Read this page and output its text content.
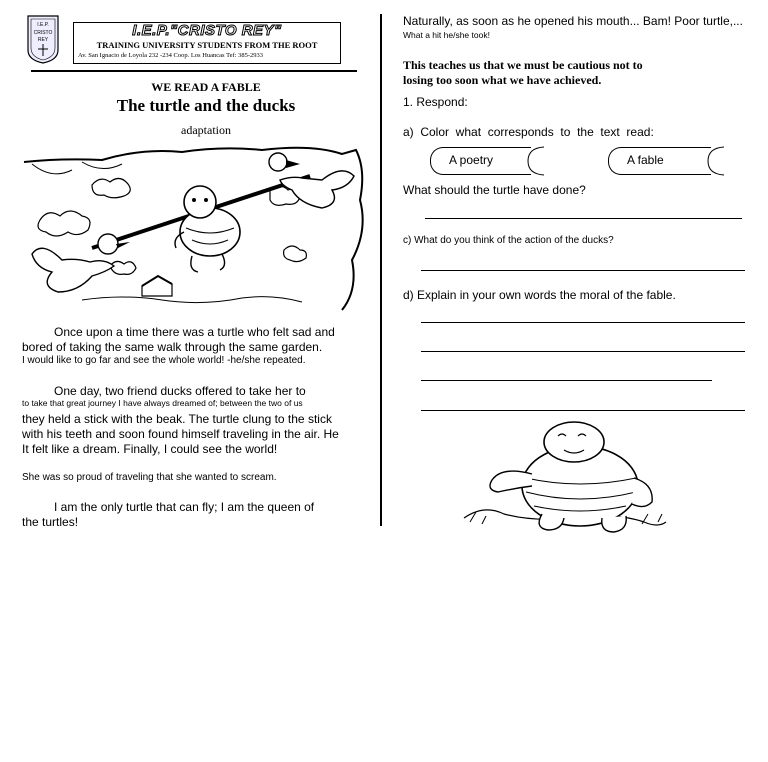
I.E.P.
CRISTO
REY
I.E.P."CRISTO REY"
TRAINING UNIVERSITY STUDENTS FROM THE ROOT
Av. San Ignacio de Loyola 232 -234 Coop. Los Huancas Tef: 385-2933
WE READ A FABLE
The turtle and the ducks
adaptation
Once upon a time there was a turtle who felt sad and
bored of taking the same walk through the same garden.
I would like to go far and see the whole world! -he/she repeated.
One day, two friend ducks offered to take her to
to take that great journey I have always dreamed of; between the two of us
they held a stick with the beak. The turtle clung to the stick
with his teeth and soon found himself traveling in the air. He
It felt like a dream. Finally, I could see the world!
She was so proud of traveling that she wanted to scream.
I am the only turtle that can fly; I am the queen of
the turtles!
Naturally, as soon as he opened his mouth... Bam! Poor turtle,...
What a hit he/she took!
This teaches us that we must be cautious not to
losing too soon what we have achieved.
1. Respond:
a)  Color  what  corresponds  to  the  text  read:
A poetry	A fable
What should the turtle have done?
c) What do you think of the action of the ducks?
d) Explain in your own words the moral of the fable.
